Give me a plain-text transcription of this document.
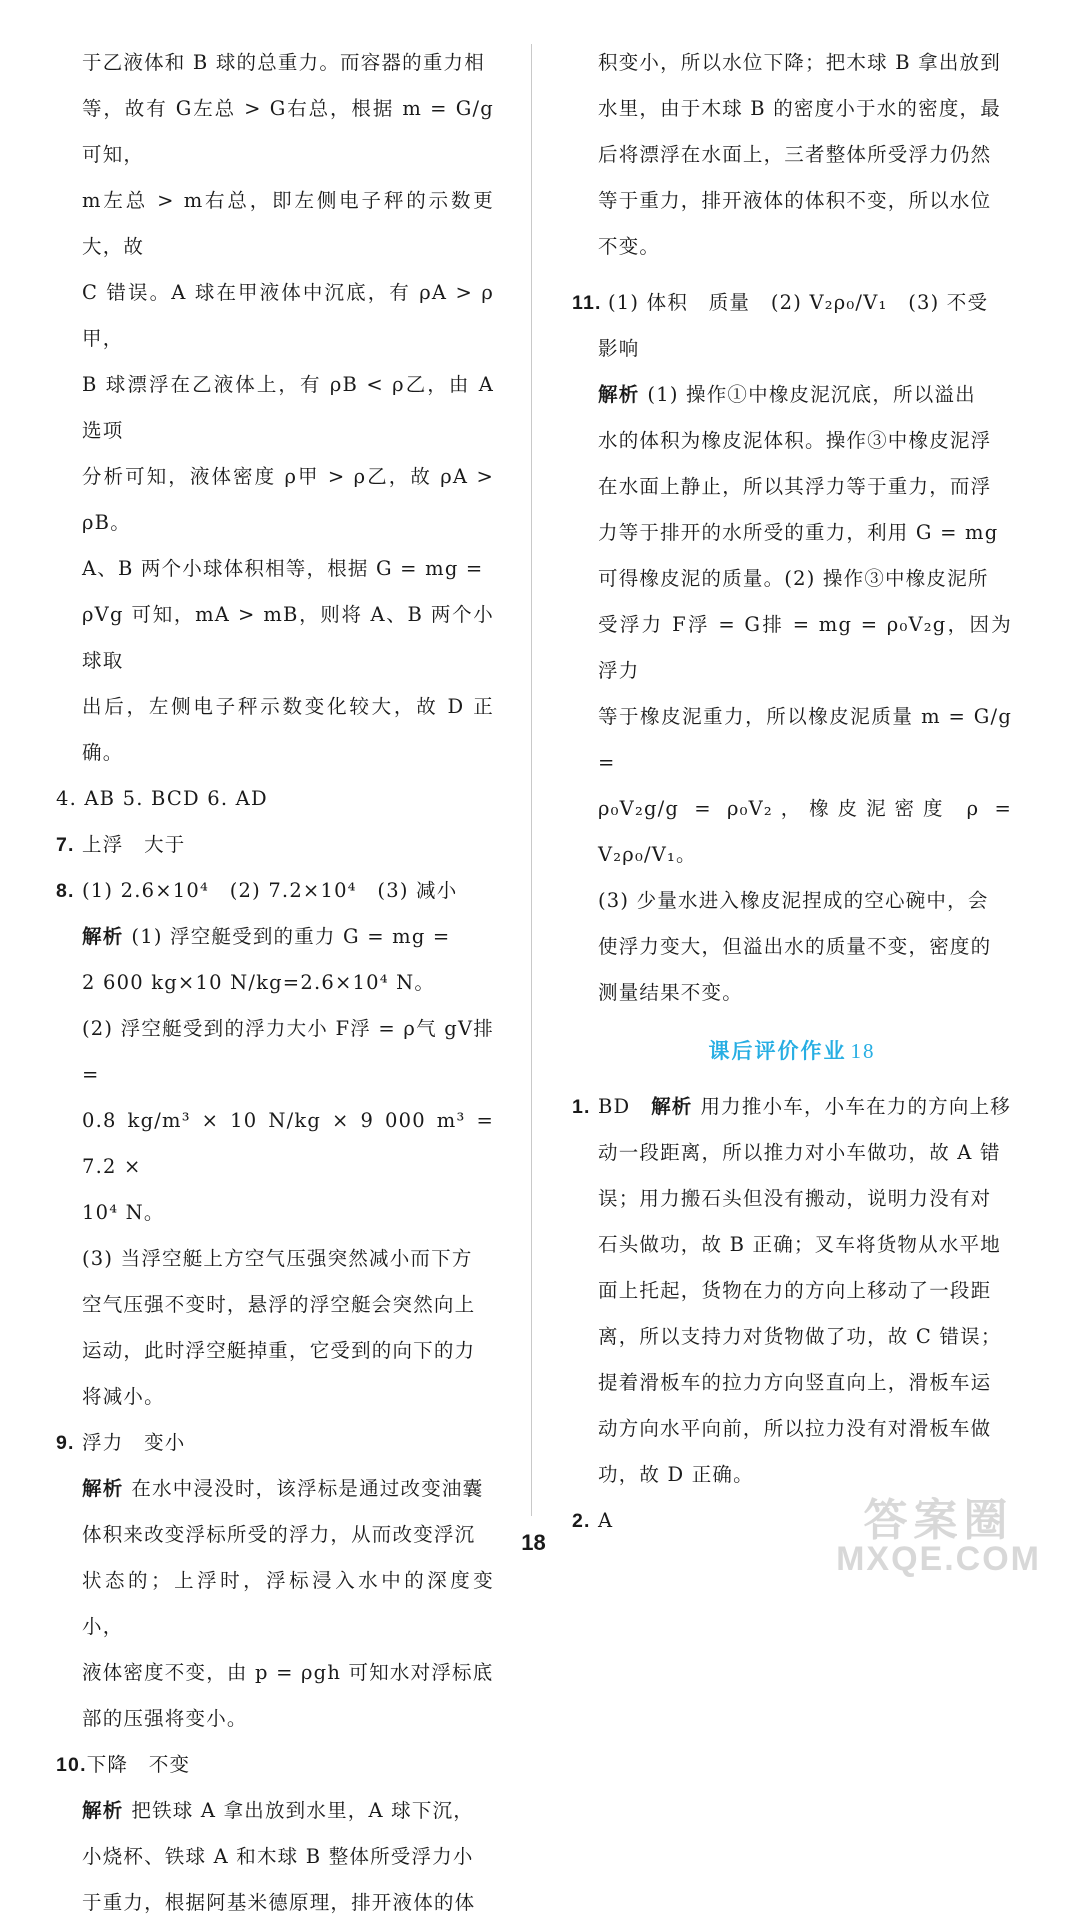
于乙液体和 B 球的总重力。而容器的重力相

等，故有 G左总 > G右总，根据 m = G/g 可知，

m左总 > m右总，即左侧电子秤的示数更大，故

C 错误。A 球在甲液体中沉底，有 ρA > ρ甲，

B 球漂浮在乙液体上，有 ρB < ρ乙，由 A 选项

分析可知，液体密度 ρ甲 > ρ乙，故 ρA > ρB。

A、B 两个小球体积相等，根据 G = mg =

ρVg 可知，mA > mB，则将 A、B 两个小球取

出后，左侧电子秤示数变化较大，故 D 正确。

4. AB 5. BCD 6. AD

7. 上浮　大于

8. (1) 2.6×10⁴　(2) 7.2×10⁴　(3) 减小

解析 (1) 浮空艇受到的重力 G = mg =

2 600 kg×10 N/kg=2.6×10⁴ N。

(2) 浮空艇受到的浮力大小 F浮 = ρ气 gV排 =

0.8 kg/m³ × 10 N/kg × 9 000 m³ = 7.2 ×

10⁴ N。

(3) 当浮空艇上方空气压强突然减小而下方

空气压强不变时，悬浮的浮空艇会突然向上

运动，此时浮空艇掉重，它受到的向下的力

将减小。

9. 浮力　变小

解析 在水中浸没时，该浮标是通过改变油囊

体积来改变浮标所受的浮力，从而改变浮沉

状态的；上浮时，浮标浸入水中的深度变小，

液体密度不变，由 p = ρgh 可知水对浮标底

部的压强将变小。

10.下降　不变

解析 把铁球 A 拿出放到水里，A 球下沉，

小烧杯、铁球 A 和木球 B 整体所受浮力小

于重力，根据阿基米德原理，排开液体的体

积变小，所以水位下降；把木球 B 拿出放到

水里，由于木球 B 的密度小于水的密度，最

后将漂浮在水面上，三者整体所受浮力仍然

等于重力，排开液体的体积不变，所以水位

不变。

11. (1) 体积　质量　(2) V₂ρ₀/V₁　(3) 不受

影响

解析 (1) 操作①中橡皮泥沉底，所以溢出

水的体积为橡皮泥体积。操作③中橡皮泥浮

在水面上静止，所以其浮力等于重力，而浮

力等于排开的水所受的重力，利用 G = mg

可得橡皮泥的质量。(2) 操作③中橡皮泥所

受浮力 F浮 = G排 = mg = ρ₀V₂g，因为浮力

等于橡皮泥重力，所以橡皮泥质量 m = G/g =

ρ₀V₂g/g = ρ₀V₂，橡皮泥密度 ρ = V₂ρ₀/V₁。

(3) 少量水进入橡皮泥捏成的空心碗中，会

使浮力变大，但溢出水的质量不变，密度的

测量结果不变。

课后评价作业 18

1. BD　 解析 用力推小车，小车在力的方向上移

动一段距离，所以推力对小车做功，故 A 错

误；用力搬石头但没有搬动，说明力没有对

石头做功，故 B 正确；叉车将货物从水平地

面上托起，货物在力的方向上移动了一段距

离，所以支持力对货物做了功，故 C 错误；

提着滑板车的拉力方向竖直向上，滑板车运

动方向水平向前，所以拉力没有对滑板车做

功，故 D 正确。

2. A

18	答案圈
MXQE.COM
